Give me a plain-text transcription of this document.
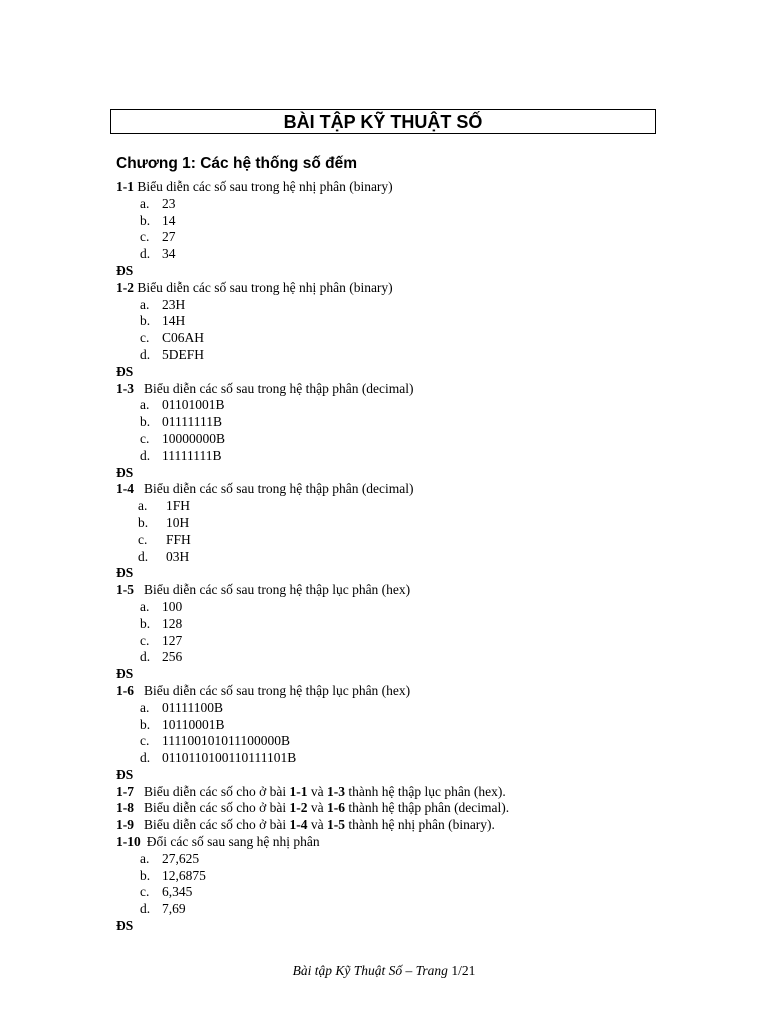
BÀI TẬP KỸ THUẬT SỐ
Chương 1: Các hệ thống số đếm
1-1 Biểu diễn các số sau trong hệ nhị phân (binary)
a. 23
b. 14
c. 27
d. 34
ĐS
1-2 Biểu diễn các số sau trong hệ nhị phân (binary)
a. 23H
b. 14H
c. C06AH
d. 5DEFH
ĐS
1-3 Biểu diễn các số sau trong hệ thập phân (decimal)
a. 01101001B
b. 01111111B
c. 10000000B
d. 11111111B
ĐS
1-4 Biểu diễn các số sau trong hệ thập phân (decimal)
a. 1FH
b. 10H
c. FFH
d. 03H
ĐS
1-5 Biểu diễn các số sau trong hệ thập lục phân (hex)
a. 100
b. 128
c. 127
d. 256
ĐS
1-6 Biểu diễn các số sau trong hệ thập lục phân (hex)
a. 01111100B
b. 10110001B
c. 111100101011100000B
d. 0110110100110111101B
ĐS
1-7 Biểu diễn các số cho ở bài 1-1 và 1-3 thành hệ thập lục phân (hex).
1-8 Biểu diễn các số cho ở bài 1-2 và 1-6 thành hệ thập phân (decimal).
1-9 Biểu diễn các số cho ở bài 1-4 và 1-5 thành hệ nhị phân (binary).
1-10 Đổi các số sau sang hệ nhị phân
a. 27,625
b. 12,6875
c. 6,345
d. 7,69
ĐS
Bài tập Kỹ Thuật Số – Trang 1/21
